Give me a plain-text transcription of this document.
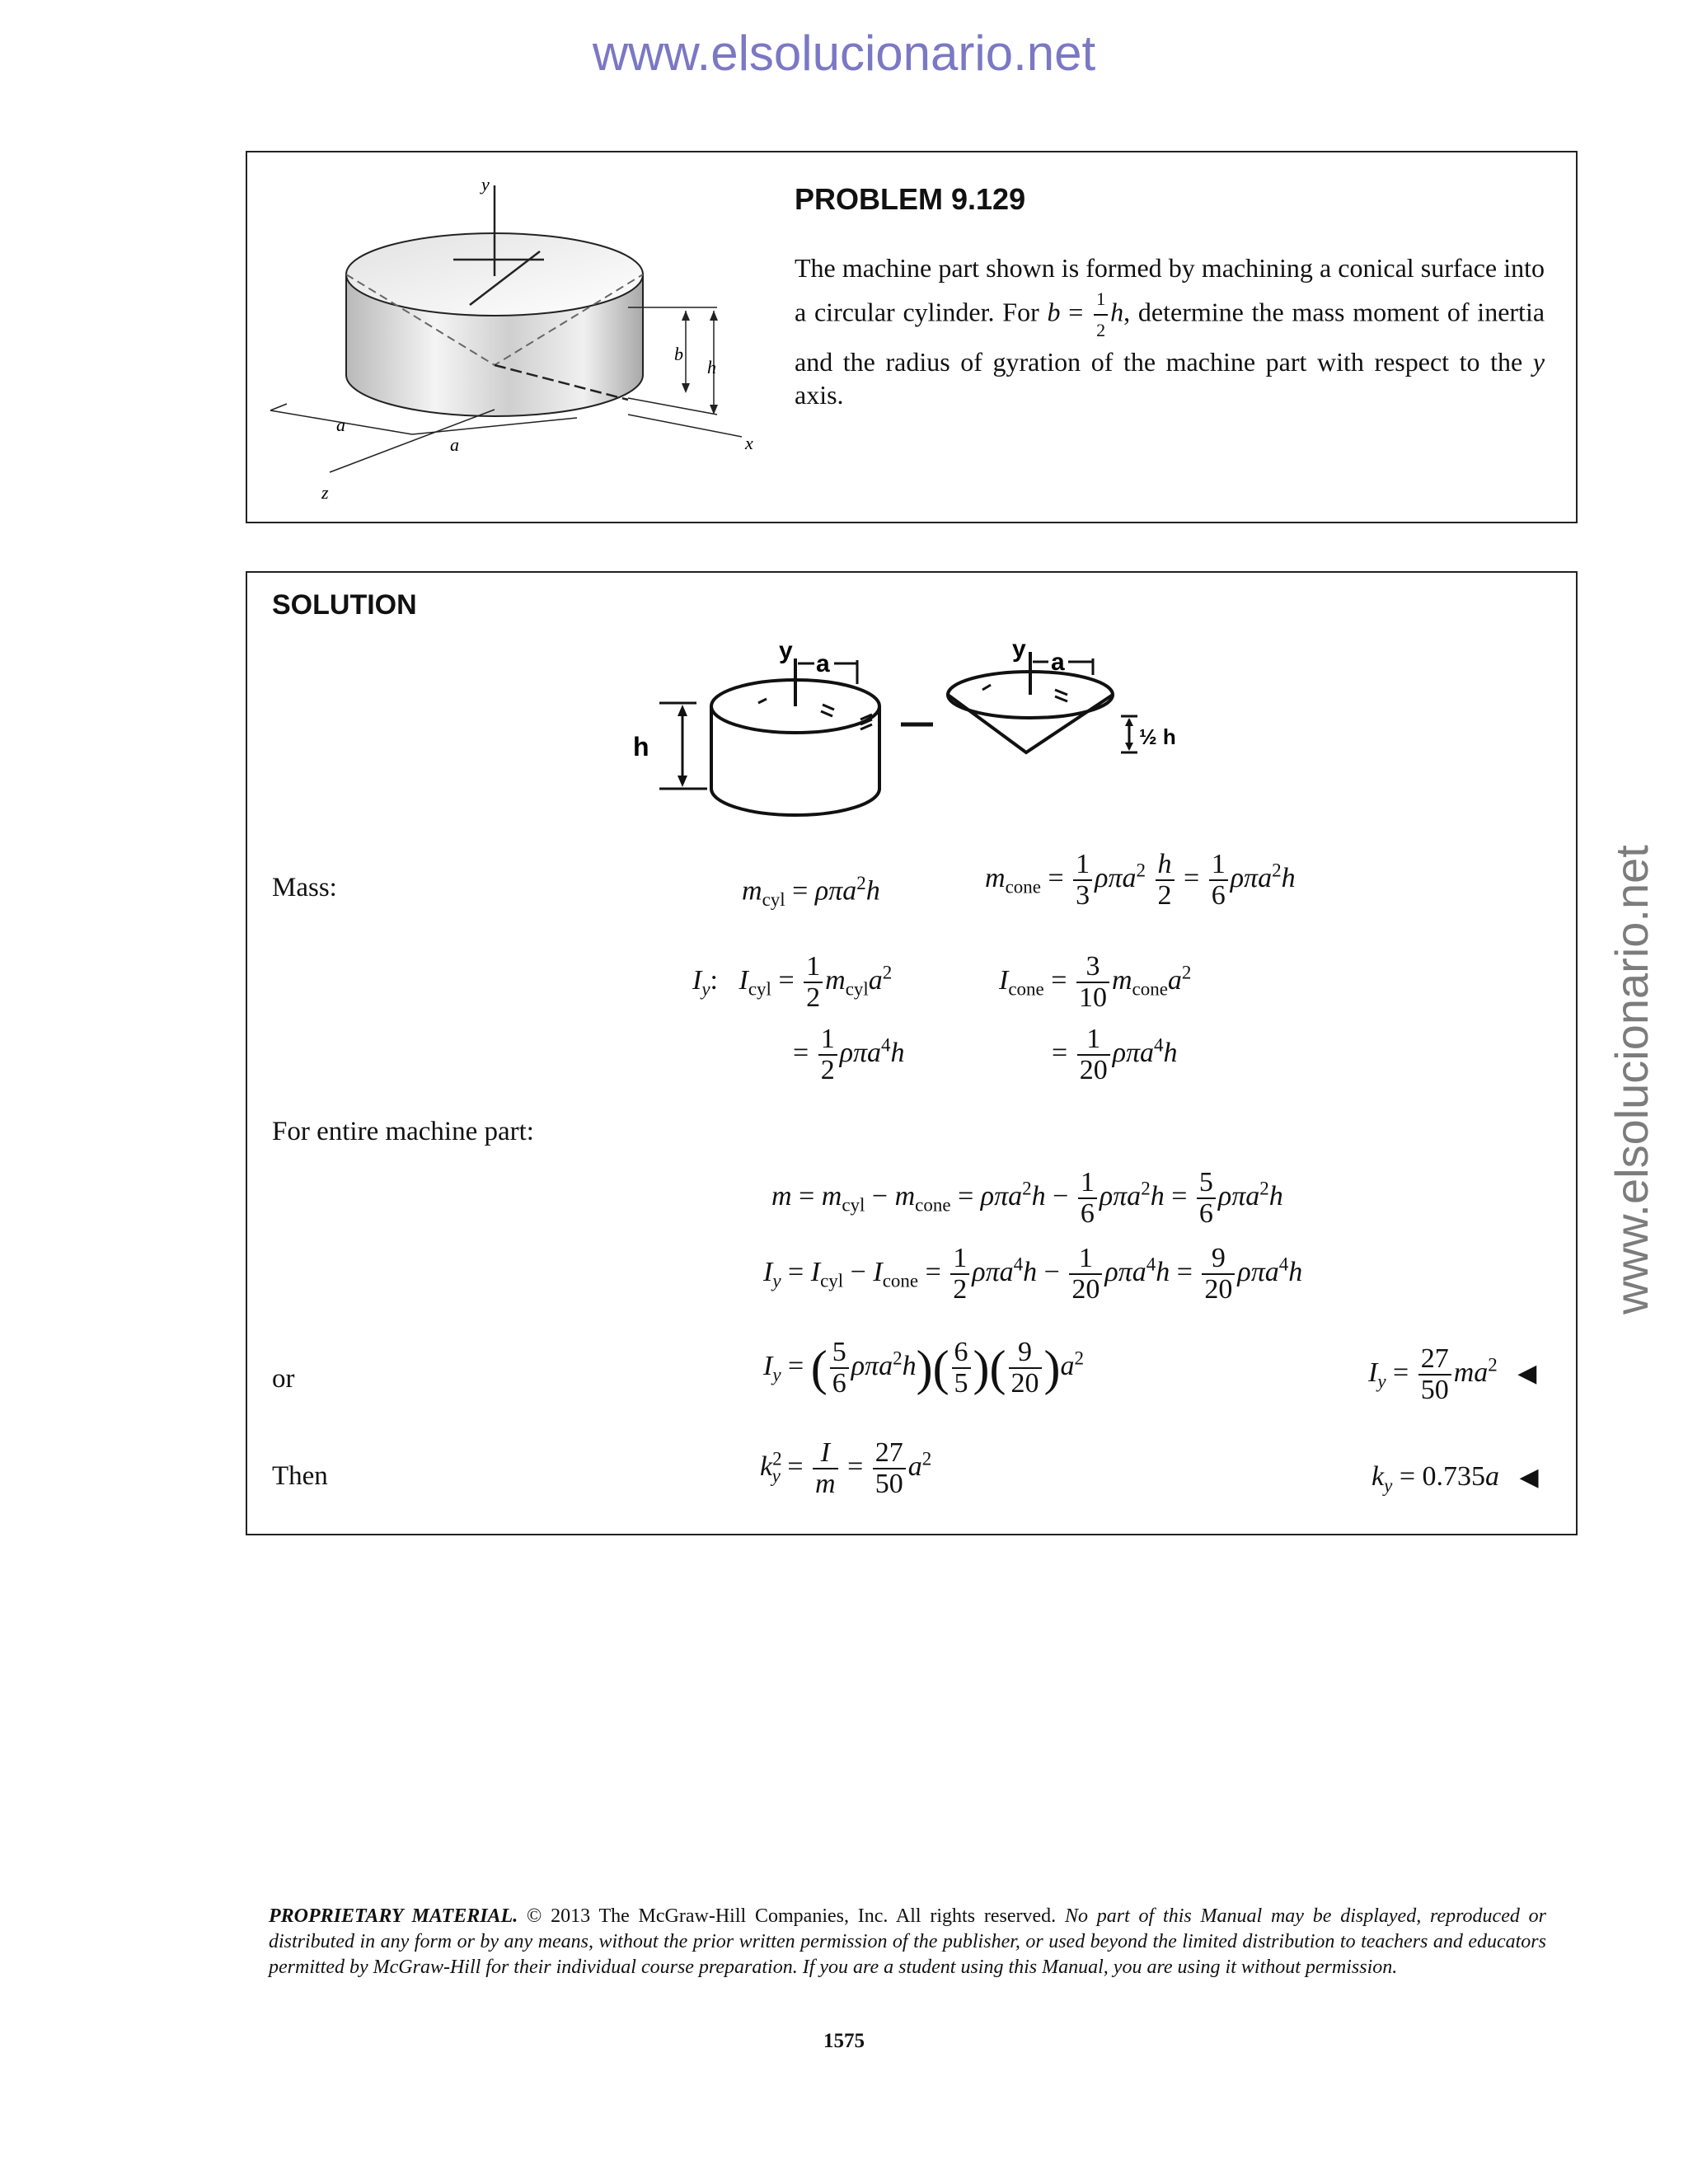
www.elsolucionario.net
www.elsolucionario.net
y
b
h
x
a
a
z
PROBLEM 9.129
The machine part shown is formed by machining a conical surface into a circular cylinder. For $b = \frac{1}{2} h$, determine the mass moment of inertia and the radius of gyration of the machine part with respect to the y axis.
SOLUTION
y a
h
y a
½ h
Mass:	$m_{cyl} = \rho\pi a^2h$	$m_{cone} = \frac{1}{3} \rho\pi a^2 \frac{h}{2} = \frac{1}{6} \rho\pi a^2h$
$I_y$:   $I_{cyl} = \frac{1}{2} m_{cyl}a^2$	$I_{cone} = \frac{3}{10} m_{cone}a^2$
= $\frac{1}{2} \rho\pi a^4h$	= $\frac{1}{20} \rho\pi a^4h$
For entire machine part:
$m = m_{cyl} - m_{cone} = \rho\pi a^2h - \frac{1}{6} \rho\pi a^2h = \frac{5}{6} \rho\pi a^2h$
$I_y = I_{cyl} - I_{cone} = \frac{1}{2} \rho\pi a^4h - \frac{1}{20} \rho\pi a^4h = \frac{9}{20} \rho\pi a^4h$
or	$I_y$ = ( $\frac{5}{6} \rho\pi a^2h)( \frac{6}{5}$ )( $\frac{9}{20} )a^2$	$I_y = \frac{27}{50} ma^2$ ◀
Then	$k^2_y = \frac{I}{m} = \frac{27}{50} a^2$
$k_y = 0.735a$ ◀
PROPRIETARY MATERIAL. © 2013 The McGraw-Hill Companies, Inc. All rights reserved. No part of this Manual may be displayed, reproduced or distributed in any form or by any means, without the prior written permission of the publisher, or used beyond the limited distribution to teachers and educators permitted by McGraw-Hill for their individual course preparation. If you are a student using this Manual, you are using it without permission.
1575
